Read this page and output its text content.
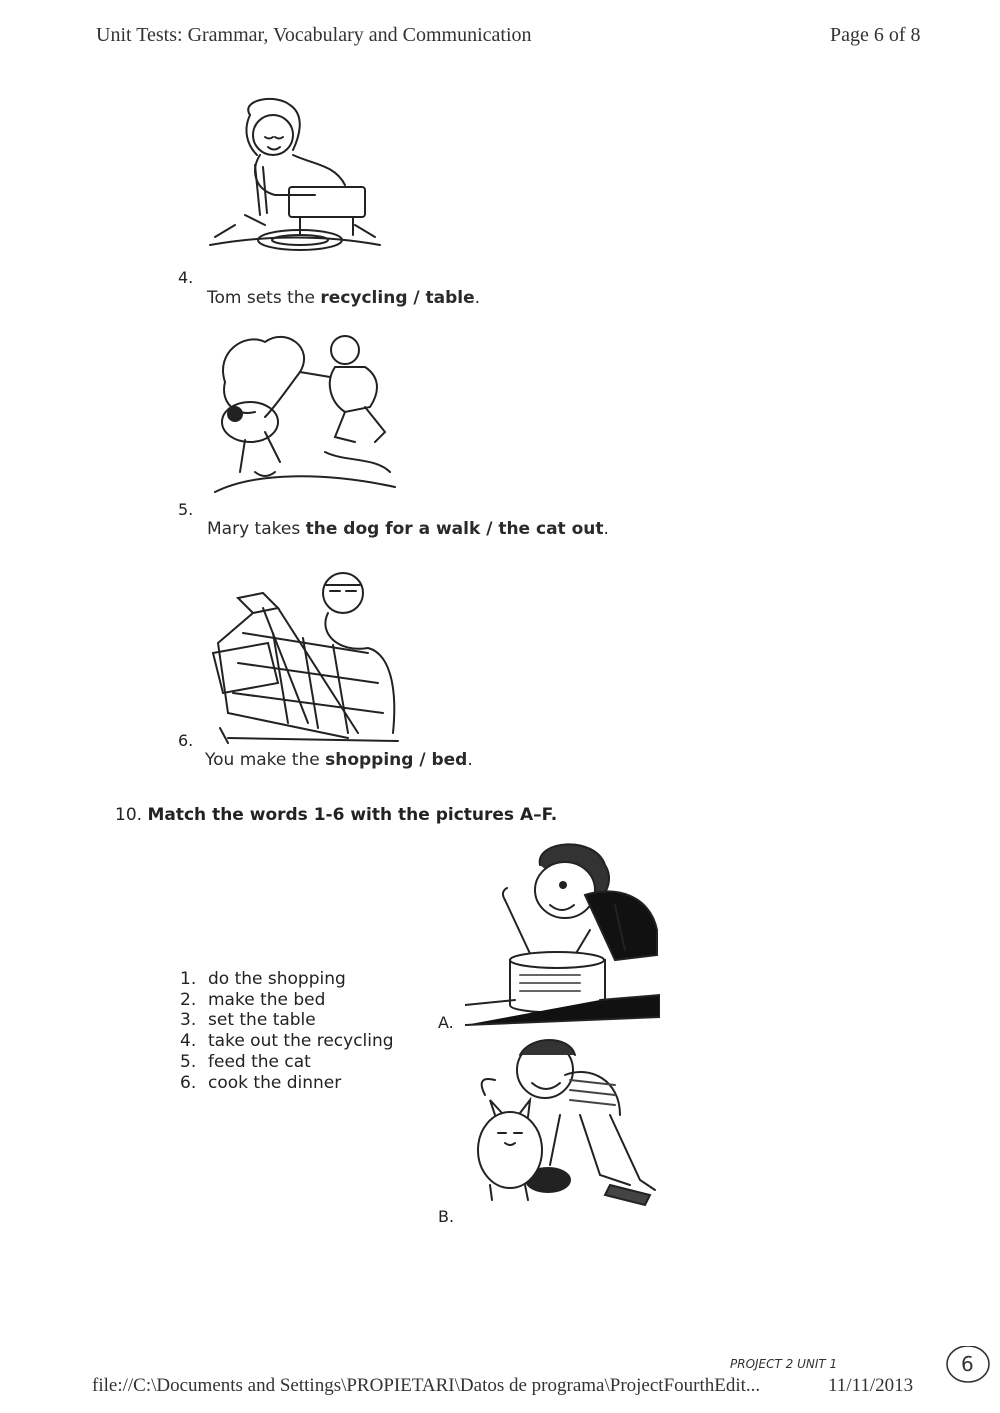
Unit Tests: Grammar, Vocabulary and Communication	Page 6 of 8
4.
Tom sets the recycling / table.
5.
Mary takes the dog for a walk / the cat out.
6.
You make the shopping / bed.
10. Match the words 1-6 with the pictures A–F.
1. do the shopping
2. make the bed
3. set the table
4. take out the recycling
5. feed the cat
6. cook the dinner
A.
B.
PROJECT 2 UNIT 1	6
file://C:\Documents and Settings\PROPIETARI\Datos de programa\ProjectFourthEdit...	11/11/2013
